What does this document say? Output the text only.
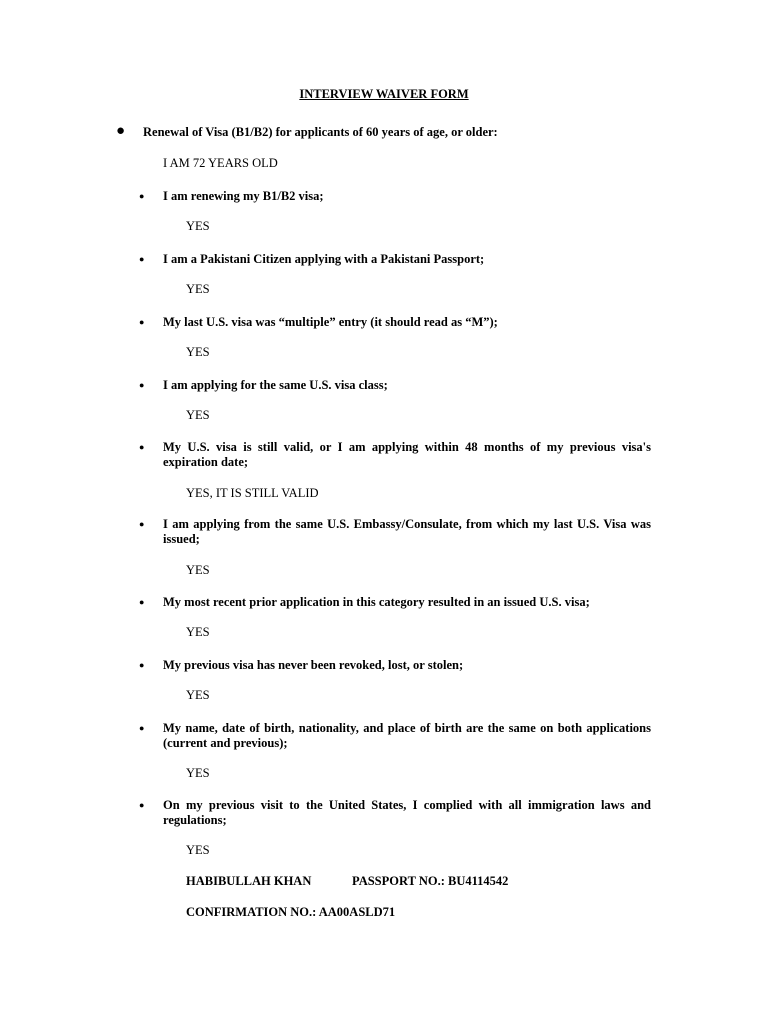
INTERVIEW WAIVER FORM
● Renewal of Visa (B1/B2) for applicants of 60 years of age, or older:
I AM 72 YEARS OLD
● I am renewing my B1/B2 visa;
YES
● I am a Pakistani Citizen applying with a Pakistani Passport;
YES
● My last U.S. visa was “multiple” entry (it should read as “M”);
YES
● I am applying for the same U.S. visa class;
YES
● My U.S. visa is still valid, or I am applying within 48 months of my previous visa's expiration date;
YES, IT IS STILL VALID
● I am applying from the same U.S. Embassy/Consulate, from which my last U.S. Visa was issued;
YES
● My most recent prior application in this category resulted in an issued U.S. visa;
YES
● My previous visa has never been revoked, lost, or stolen;
YES
● My name, date of birth, nationality, and place of birth are the same on both applications (current and previous);
YES
● On my previous visit to the United States, I complied with all immigration laws and regulations;
YES
HABIBULLAH KHAN	PASSPORT NO.: BU4114542
CONFIRMATION NO.: AA00ASLD71
